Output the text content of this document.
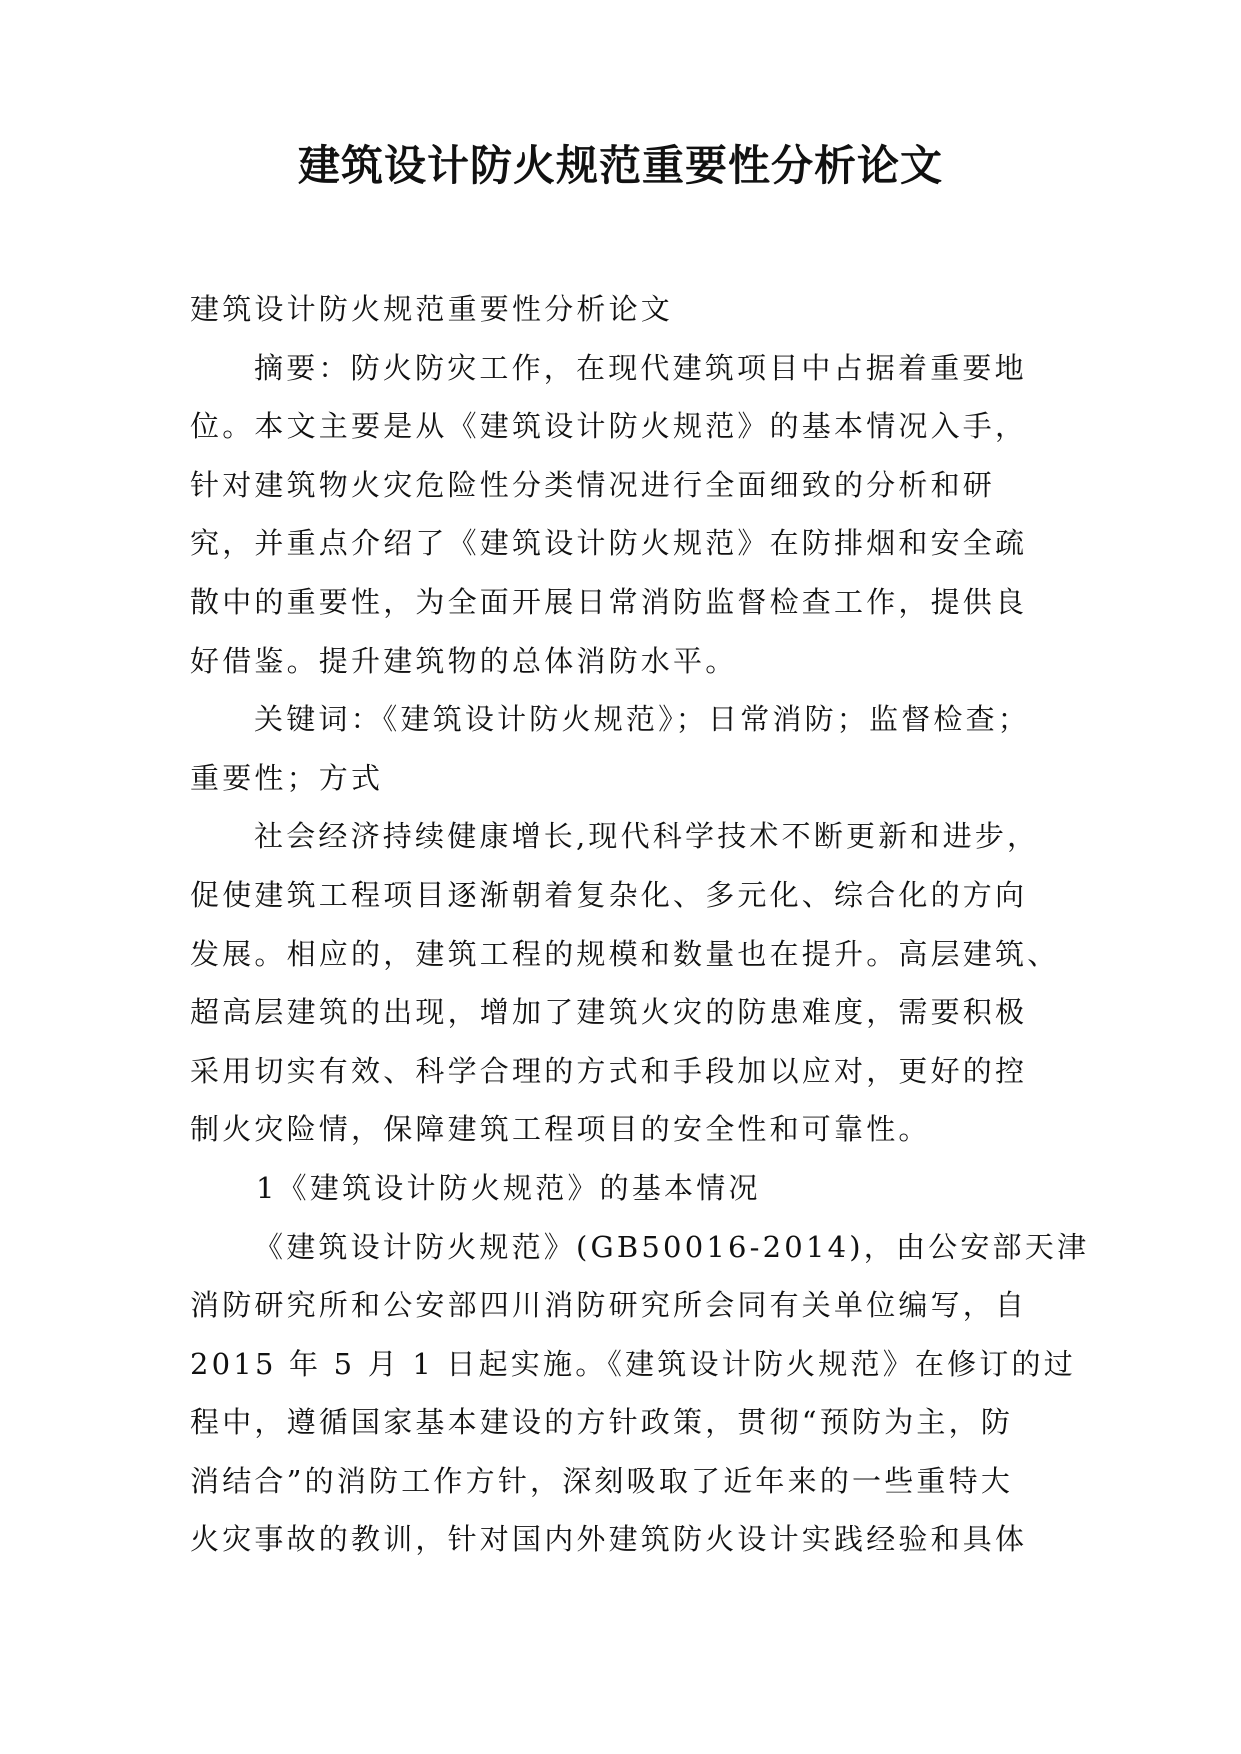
建筑设计防火规范重要性分析论文
建筑设计防火规范重要性分析论文
摘要：防火防灾工作，在现代建筑项目中占据着重要地
位。本文主要是从《建筑设计防火规范》的基本情况入手，
针对建筑物火灾危险性分类情况进行全面细致的分析和研
究，并重点介绍了《建筑设计防火规范》在防排烟和安全疏
散中的重要性，为全面开展日常消防监督检查工作，提供良
好借鉴。提升建筑物的总体消防水平。
关键词：《建筑设计防火规范》；日常消防；监督检查；
重要性；方式
社会经济持续健康增长,现代科学技术不断更新和进步，
促使建筑工程项目逐渐朝着复杂化、多元化、综合化的方向
发展。相应的，建筑工程的规模和数量也在提升。高层建筑、
超高层建筑的出现，增加了建筑火灾的防患难度，需要积极
采用切实有效、科学合理的方式和手段加以应对，更好的控
制火灾险情，保障建筑工程项目的安全性和可靠性。
1《建筑设计防火规范》的基本情况
《建筑设计防火规范》(GB50016-2014)，由公安部天津
消防研究所和公安部四川消防研究所会同有关单位编写，自
2015 年 5 月 1 日起实施。《建筑设计防火规范》在修订的过
程中，遵循国家基本建设的方针政策，贯彻“预防为主，防
消结合”的消防工作方针，深刻吸取了近年来的一些重特大
火灾事故的教训，针对国内外建筑防火设计实践经验和具体
